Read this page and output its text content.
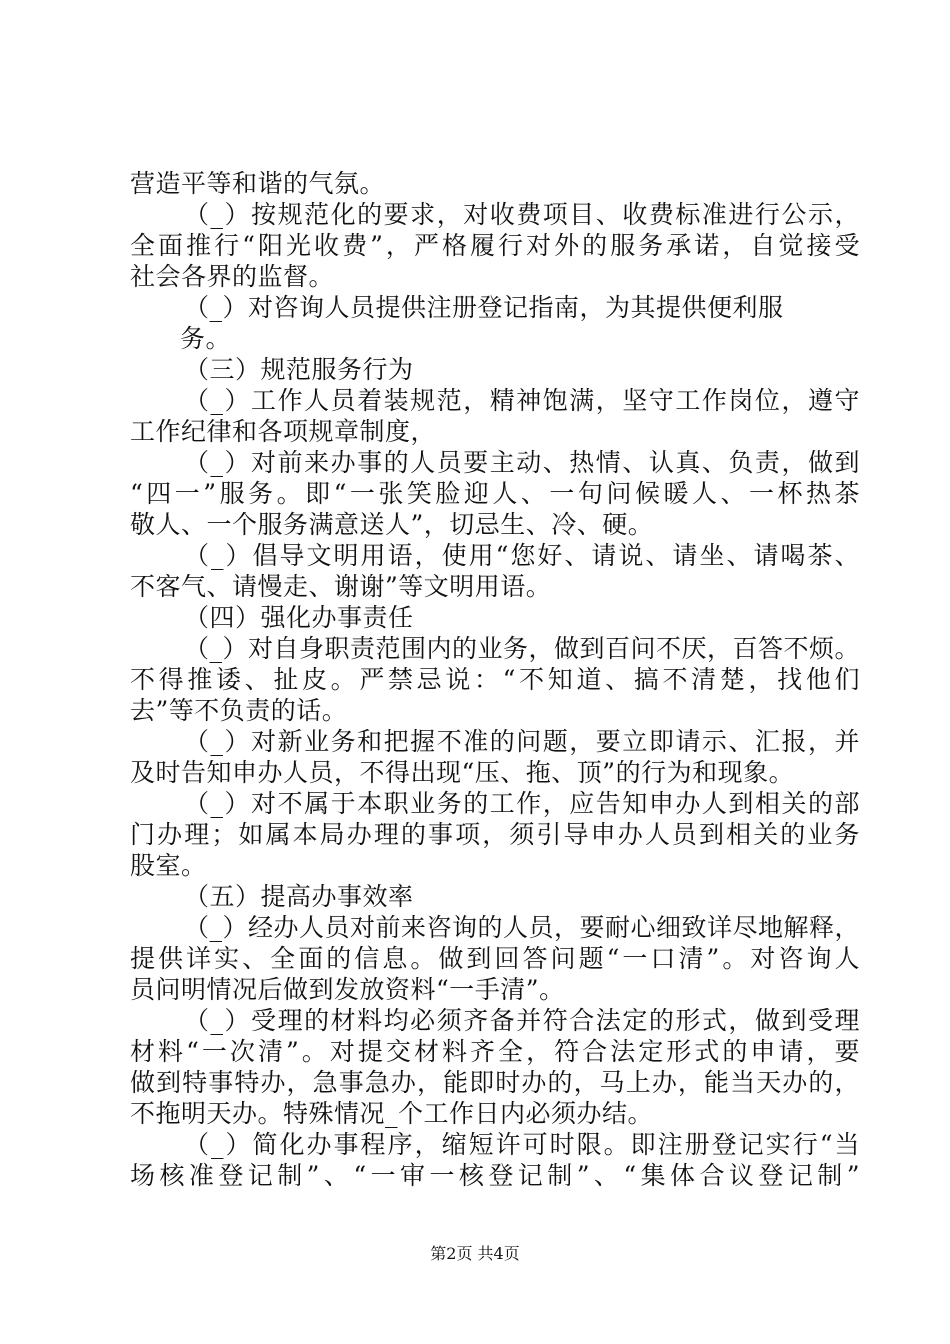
营造平等和谐的气氛。
（_）按规范化的要求，对收费项目、收费标准进行公示，
全面推行“阳光收费”，严格履行对外的服务承诺，自觉接受
社会各界的监督。
（_）对咨询人员提供注册登记指南，为其提供便利服
务。
（三）规范服务行为
（_）工作人员着装规范，精神饱满，坚守工作岗位，遵守
工作纪律和各项规章制度，
（_）对前来办事的人员要主动、热情、认真、负责，做到
“四一”服务。即“一张笑脸迎人、一句问候暖人、一杯热茶
敬人、一个服务满意送人”，切忌生、冷、硬。
（_）倡导文明用语，使用“您好、请说、请坐、请喝茶、
不客气、请慢走、谢谢”等文明用语。
（四）强化办事责任
（_）对自身职责范围内的业务，做到百问不厌，百答不烦。
不得推诿、扯皮。严禁忌说：“不知道、搞不清楚，找他们
去”等不负责的话。
（_）对新业务和把握不准的问题，要立即请示、汇报，并
及时告知申办人员，不得出现“压、拖、顶”的行为和现象。
（_）对不属于本职业务的工作，应告知申办人到相关的部
门办理；如属本局办理的事项，须引导申办人员到相关的业务
股室。
（五）提高办事效率
（_）经办人员对前来咨询的人员，要耐心细致详尽地解释，
提供详实、全面的信息。做到回答问题“一口清”。对咨询人
员问明情况后做到发放资料“一手清”。
（_）受理的材料均必须齐备并符合法定的形式，做到受理
材料“一次清”。对提交材料齐全，符合法定形式的申请，要
做到特事特办，急事急办，能即时办的，马上办，能当天办的，
不拖明天办。特殊情况_个工作日内必须办结。
（_）简化办事程序，缩短许可时限。即注册登记实行“当
场核准登记制”、“一审一核登记制”、“集体合议登记制”
第2页 共4页
